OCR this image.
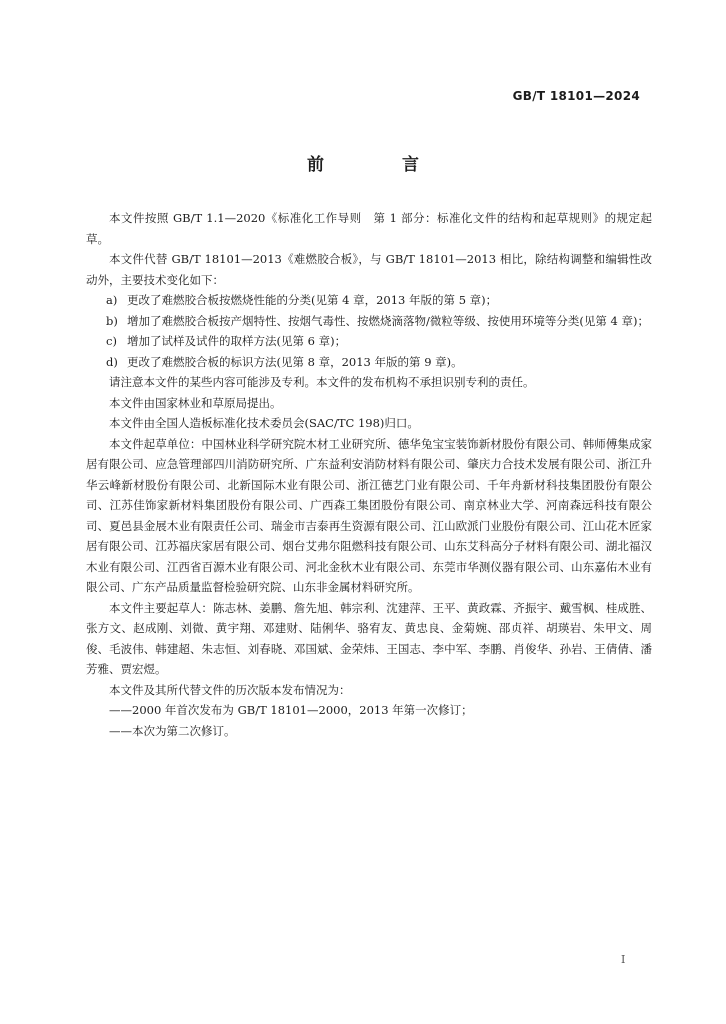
GB/T 18101—2024
前 言

本文件按照 GB/T 1.1—2020《标准化工作导则　第 1 部分：标准化文件的结构和起草规则》的规定起草。

本文件代替 GB/T 18101—2013《难燃胶合板》，与 GB/T 18101—2013 相比，除结构调整和编辑性改动外，主要技术变化如下：

a) 更改了难燃胶合板按燃烧性能的分类(见第 4 章，2013 年版的第 5 章)；
b) 增加了难燃胶合板按产烟特性、按烟气毒性、按燃烧滴落物/微粒等级、按使用环境等分类(见第 4 章)；
c) 增加了试样及试件的取样方法(见第 6 章)；
d) 更改了难燃胶合板的标识方法(见第 8 章，2013 年版的第 9 章)。

请注意本文件的某些内容可能涉及专利。本文件的发布机构不承担识别专利的责任。

本文件由国家林业和草原局提出。

本文件由全国人造板标准化技术委员会(SAC/TC 198)归口。

本文件起草单位：中国林业科学研究院木材工业研究所、德华兔宝宝装饰新材股份有限公司、韩师傅集成家居有限公司、应急管理部四川消防研究所、广东益利安消防材料有限公司、肇庆力合技术发展有限公司、浙江升华云峰新材股份有限公司、北新国际木业有限公司、浙江德艺门业有限公司、千年舟新材科技集团股份有限公司、江苏佳饰家新材料集团股份有限公司、广西森工集团股份有限公司、南京林业大学、河南森远科技有限公司、夏邑县金展木业有限责任公司、瑞金市吉泰再生资源有限公司、江山欧派门业股份有限公司、江山花木匠家居有限公司、江苏福庆家居有限公司、烟台艾弗尔阻燃科技有限公司、山东艾科高分子材料有限公司、湖北福汉木业有限公司、江西省百源木业有限公司、河北金秋木业有限公司、东莞市华测仪器有限公司、山东嘉佑木业有限公司、广东产品质量监督检验研究院、山东非金属材料研究所。

本文件主要起草人：陈志林、姜鹏、詹先旭、韩宗利、沈建萍、王平、黄政霖、齐振宇、戴雪枫、桂成胜、张方文、赵成刚、刘微、黄宇翔、邓建财、陆俐华、骆宥友、黄忠良、金菊婉、邵贞祥、胡瑛岩、朱甲文、周俊、毛波伟、韩建超、朱志恒、刘春晓、邓国斌、金荣炜、王国志、李中军、李鹏、肖俊华、孙岩、王倩倩、潘芳雅、贾宏煜。

本文件及其所代替文件的历次版本发布情况为：

——2000 年首次发布为 GB/T 18101—2000，2013 年第一次修订；

——本次为第二次修订。

I
